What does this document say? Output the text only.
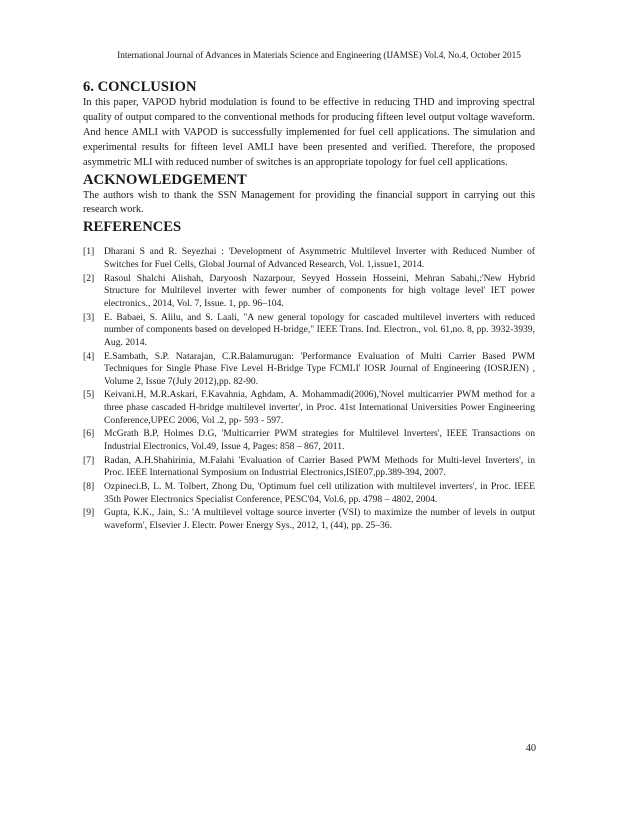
International Journal of Advances in Materials Science and Engineering (IJAMSE) Vol.4, No.4, October 2015
6. CONCLUSION

In this paper, VAPOD hybrid modulation is found to be effective in reducing THD and improving spectral quality of output compared to the conventional methods for producing fifteen level output voltage waveform. And hence AMLI with VAPOD is successfully implemented for fuel cell applications. The simulation and experimental results for fifteen level AMLI have been presented and verified. Therefore, the proposed asymmetric MLI with reduced number of switches is an appropriate topology for fuel cell applications.

ACKNOWLEDGEMENT

The authors wish to thank the SSN Management for providing the financial support in carrying out this research work.

REFERENCES
[1]	Dharani S and R. Seyezhai : 'Development of Asymmetric Multilevel Inverter with Reduced Number of Switches for Fuel Cells, Global Journal of Advanced Research, Vol. 1,issue1, 2014.
[2]	Rasoul Shalchi Alishah, Daryoosh Nazarpour, Seyyed Hossein Hosseini, Mehran Sabahi,:'New Hybrid Structure for Multilevel inverter with fewer number of components for high voltage level' IET power electronics., 2014, Vol. 7, Issue. 1, pp. 96–104.
[3]	E. Babaei, S. Alilu, and S. Laali, "A new general topology for cascaded multilevel inverters with reduced number of components based on developed H-bridge," IEEE Trans. Ind. Electron., vol. 61,no. 8, pp. 3932-3939, Aug. 2014.
[4]	E.Sambath, S.P. Natarajan, C.R.Balamurugan: 'Performance Evaluation of Multi Carrier Based PWM Techniques for Single Phase Five Level H-Bridge Type FCMLI' IOSR Journal of Engineering (IOSRJEN) , Volume 2, Issue 7(July 2012),pp. 82-90.
[5]	Keivani.H, M.R.Askari, F.Kavahnia, Aghdam, A. Mohammadi(2006),'Novel multicarrier PWM method for a three phase cascaded H-bridge multilevel inverter', in Proc. 41st International Universities Power Engineering Conference,UPEC 2006, Vol .2, pp- 593 - 597.
[6]	McGrath B.P, Holmes D.G, 'Multicarrier PWM strategies for Multilevel Inverters', IEEE Transactions on Industrial Electronics, Vol.49, Issue 4, Pages: 858 – 867, 2011.
[7]	Radan, A.H.Shahirinia, M.Falahi 'Evaluation of Carrier Based PWM Methods for Multi-level Inverters', in Proc. IEEE International Symposium on Industrial Electronics,ISIE07,pp.389-394, 2007.
[8]	Ozpineci.B, L. M. Tolbert, Zhong Du, 'Optimum fuel cell utilization with multilevel inverters', in Proc. IEEE 35th Power Electronics Specialist Conference, PESC'04, Vol.6, pp. 4798 – 4802, 2004.
[9]	Gupta, K.K., Jain, S.: 'A multilevel voltage source inverter (VSI) to maximize the number of levels in output waveform', Elsevier J. Electr. Power Energy Sys., 2012, 1, (44), pp. 25–36.
40
